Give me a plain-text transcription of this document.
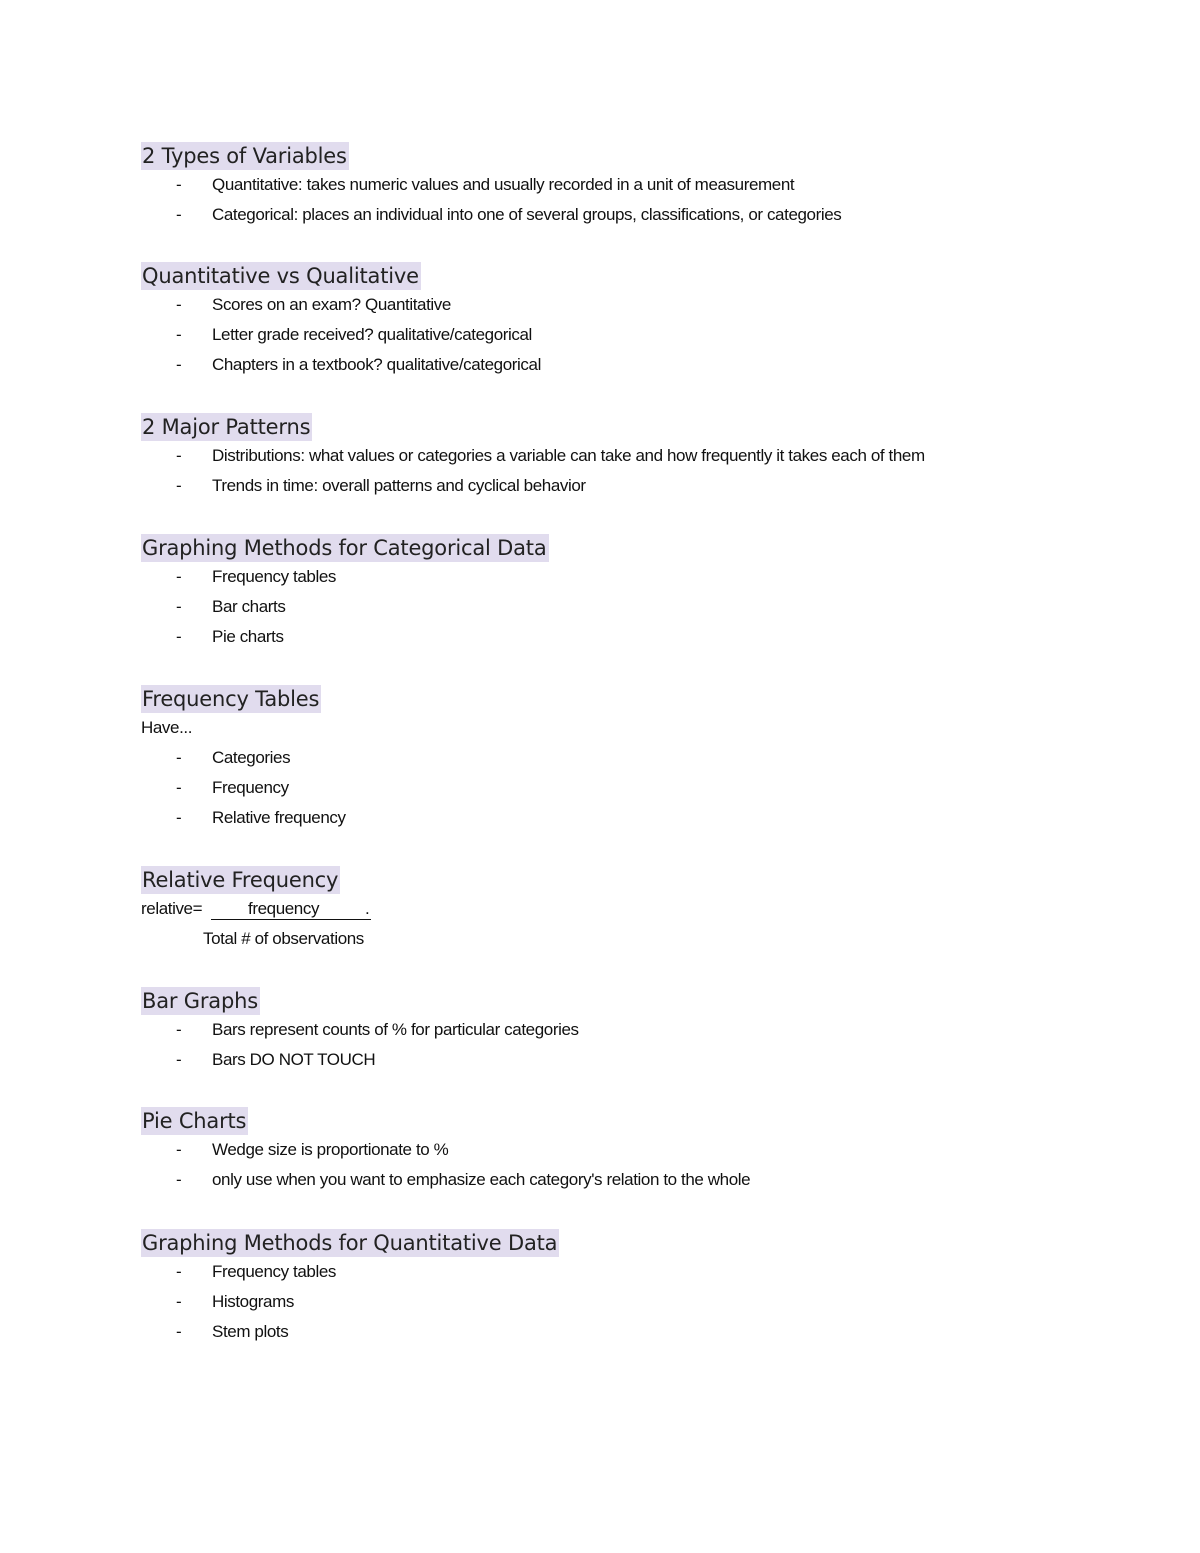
2 Types of Variables
- Quantitative: takes numeric values and usually recorded in a unit of measurement
- Categorical: places an individual into one of several groups, classifications, or categories
Quantitative vs Qualitative
- Scores on an exam? Quantitative
- Letter grade received? qualitative/categorical
- Chapters in a textbook? qualitative/categorical
2 Major Patterns
- Distributions: what values or categories a variable can take and how frequently it takes each of them
- Trends in time: overall patterns and cyclical behavior
Graphing Methods for Categorical Data
- Frequency tables
- Bar charts
- Pie charts
Frequency Tables
Have...
- Categories
- Frequency
- Relative frequency
Relative Frequency
relative=	frequency	.
Total # of observations
Bar Graphs
- Bars represent counts of % for particular categories
- Bars DO NOT TOUCH
Pie Charts
- Wedge size is proportionate to %
- only use when you want to emphasize each category's relation to the whole
Graphing Methods for Quantitative Data
- Frequency tables
- Histograms
- Stem plots
